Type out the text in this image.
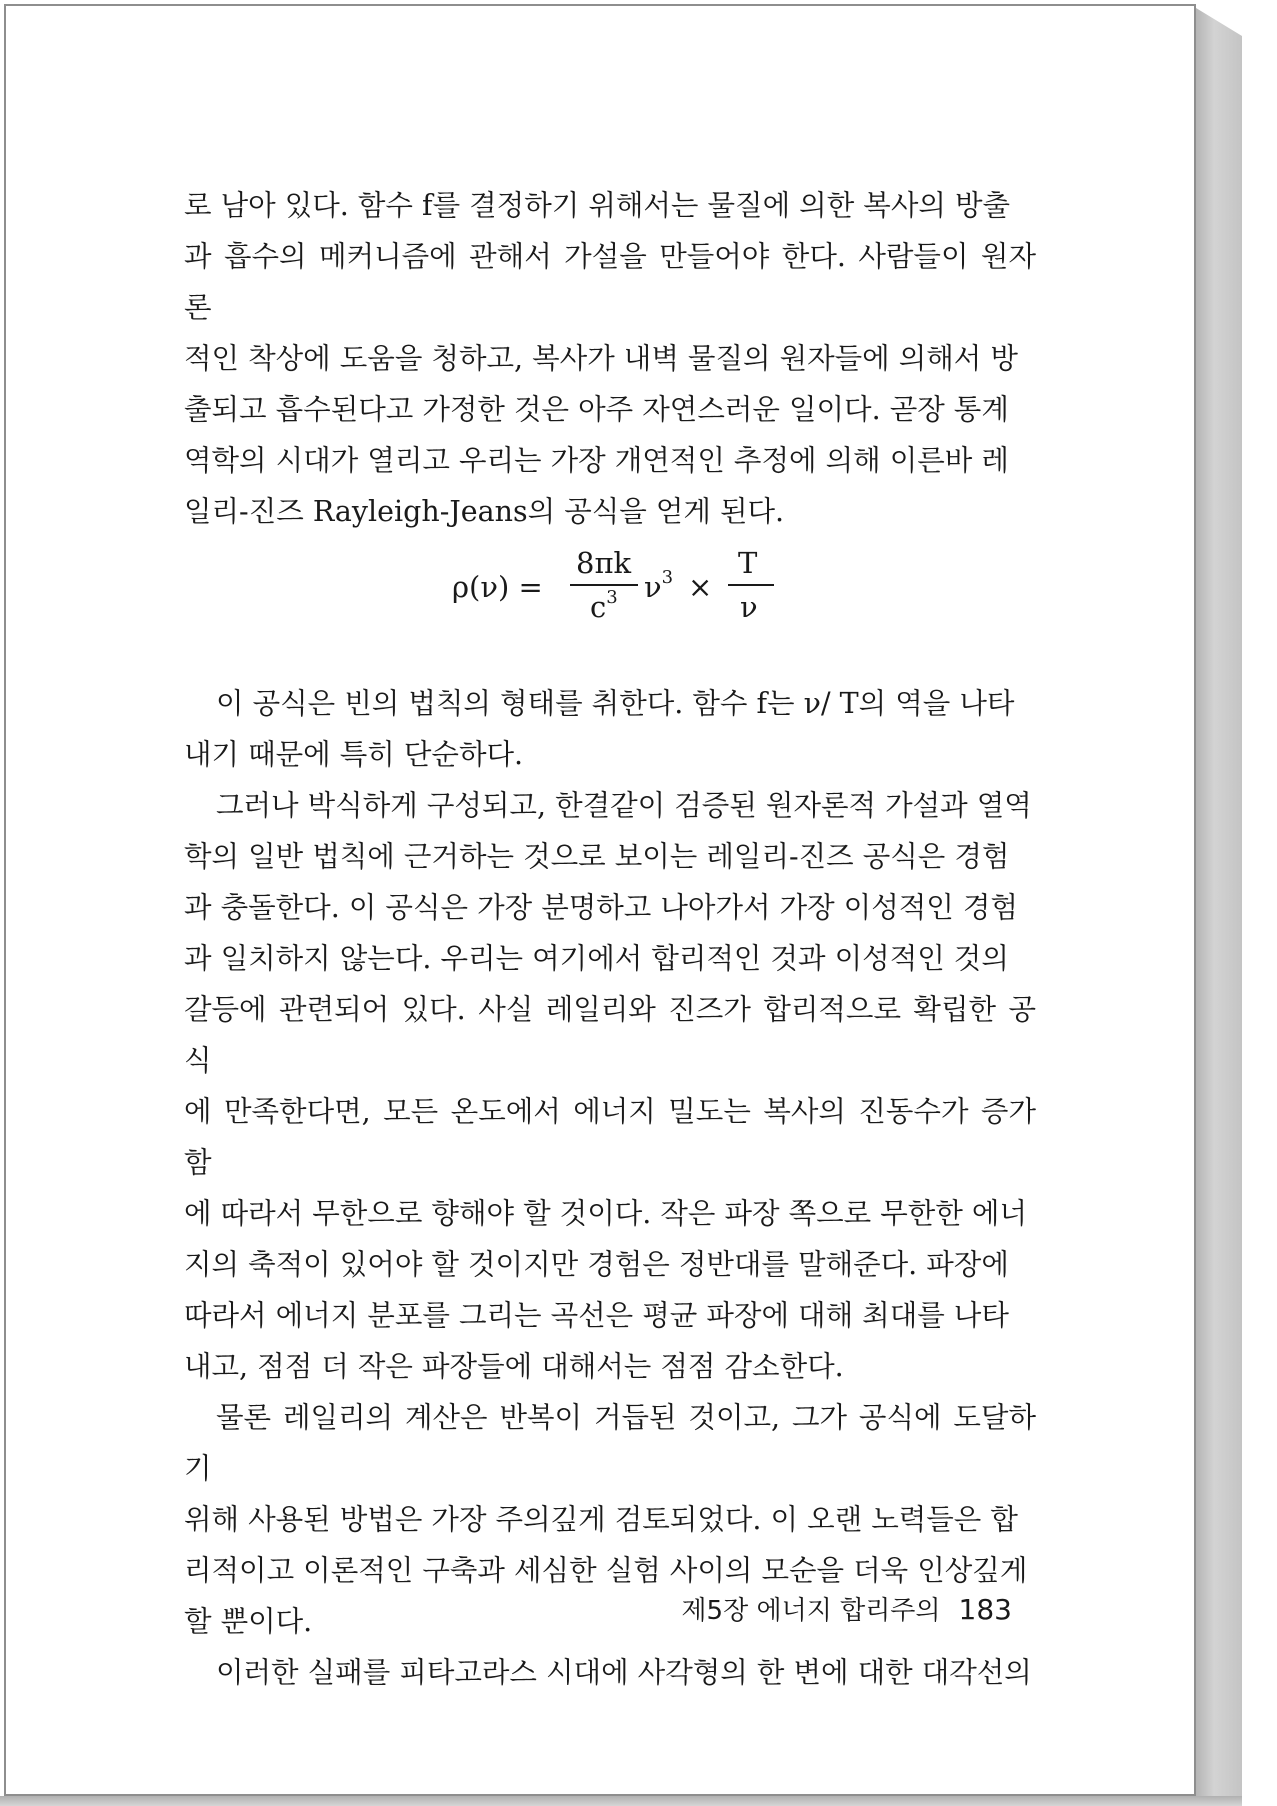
로 남아 있다. 함수 f를 결정하기 위해서는 물질에 의한 복사의 방출
과 흡수의 메커니즘에 관해서 가설을 만들어야 한다. 사람들이 원자론
적인 착상에 도움을 청하고, 복사가 내벽 물질의 원자들에 의해서 방
출되고 흡수된다고 가정한 것은 아주 자연스러운 일이다. 곧장 통계
역학의 시대가 열리고 우리는 가장 개연적인 추정에 의해 이른바 레
일리-진즈 Rayleigh-Jeans의 공식을 얻게 된다.

ρ(ν) =
8πk
$c^3$ $\nu^3$ ×
T
ν

이 공식은 빈의 법칙의 형태를 취한다. 함수 f는 ν/ T의 역을 나타
내기 때문에 특히 단순하다.

그러나 박식하게 구성되고, 한결같이 검증된 원자론적 가설과 열역
학의 일반 법칙에 근거하는 것으로 보이는 레일리-진즈 공식은 경험
과 충돌한다. 이 공식은 가장 분명하고 나아가서 가장 이성적인 경험
과 일치하지 않는다. 우리는 여기에서 합리적인 것과 이성적인 것의
갈등에 관련되어 있다. 사실 레일리와 진즈가 합리적으로 확립한 공식
에 만족한다면, 모든 온도에서 에너지 밀도는 복사의 진동수가 증가함
에 따라서 무한으로 향해야 할 것이다. 작은 파장 쪽으로 무한한 에너
지의 축적이 있어야 할 것이지만 경험은 정반대를 말해준다. 파장에
따라서 에너지 분포를 그리는 곡선은 평균 파장에 대해 최대를 나타
내고, 점점 더 작은 파장들에 대해서는 점점 감소한다.

물론 레일리의 계산은 반복이 거듭된 것이고, 그가 공식에 도달하기
위해 사용된 방법은 가장 주의깊게 검토되었다. 이 오랜 노력들은 합
리적이고 이론적인 구축과 세심한 실험 사이의 모순을 더욱 인상깊게
할 뿐이다.

이러한 실패를 피타고라스 시대에 사각형의 한 변에 대한 대각선의

제5장 에너지 합리주의 183
